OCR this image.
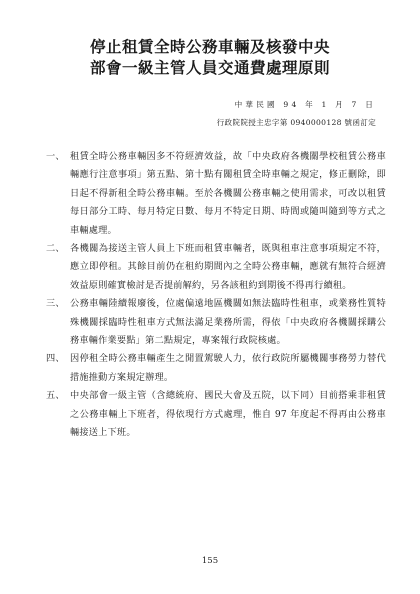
停止租賃全時公務車輛及核發中央
部會一級主管人員交通費處理原則
中華民國 94 年 1 月 7 日
行政院院授主忠字第 0940000128 號函訂定
一、 租賃全時公務車輛因多不符經濟效益，故「中央政府各機關學校租賃公務車輛應行注意事項」第五點、第十點有關租賃全時車輛之規定，修正刪除，即日起不得新租全時公務車輛。至於各機關公務車輛之使用需求，可改以租賃每日部分工時、每月特定日數、每月不特定日期、時間或隨叫隨到等方式之車輛處理。
二、 各機關為接送主管人員上下班而租賃車輛者，既與租車注意事項規定不符，應立即停租。其餘目前仍在租約期間內之全時公務車輛，應就有無符合經濟效益原則確實檢討是否提前解約，另各該租約到期後不得再行續租。
三、 公務車輛陸續報廢後，位處偏遠地區機關如無法臨時性租車，或業務性質特殊機關採臨時性租車方式無法滿足業務所需，得依「中央政府各機關採購公務車輛作業要點」第二點規定，專案報行政院核處。
四、 因停租全時公務車輛產生之閒置駕駛人力，依行政院所屬機關事務勞力替代措施推動方案規定辦理。
五、 中央部會一級主管（含總統府、國民大會及五院，以下同）目前搭乘非租賃之公務車輛上下班者，得依現行方式處理，惟自 97 年度起不得再由公務車輛接送上下班。
155
